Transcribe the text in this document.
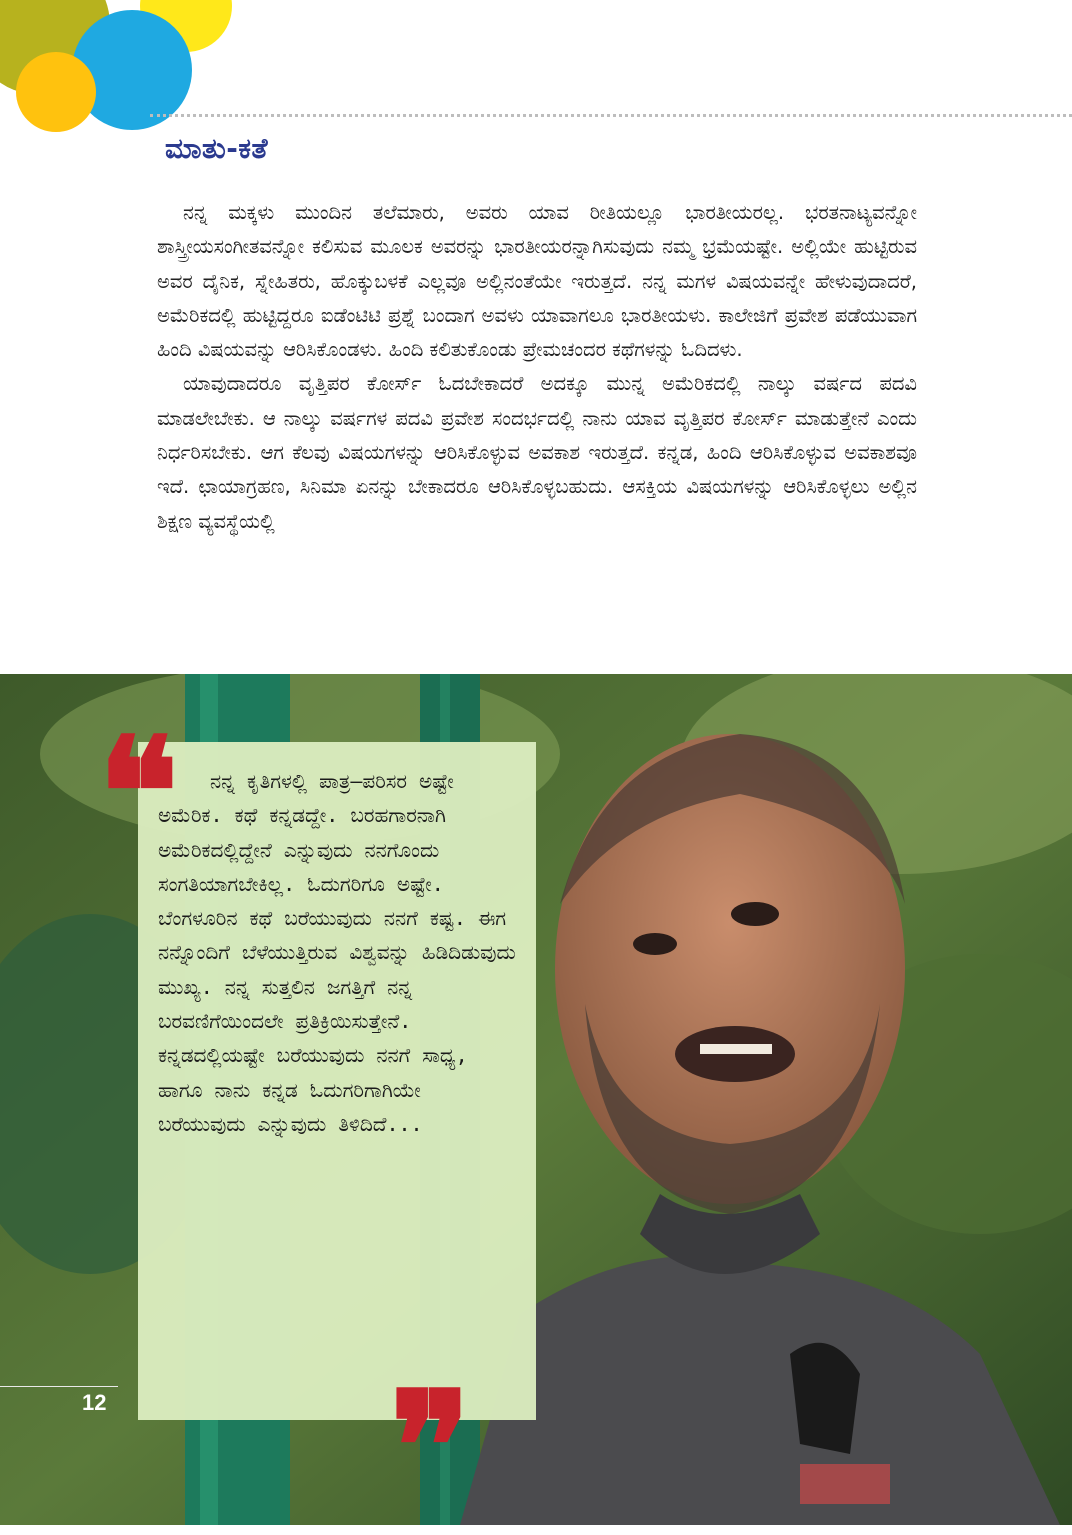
ಮಾತು-ಕತೆ

ನನ್ನ ಮಕ್ಕಳು ಮುಂದಿನ ತಲೆಮಾರು, ಅವರು ಯಾವ ರೀತಿಯಲ್ಲೂ ಭಾರತೀಯರಲ್ಲ. ಭರತನಾಟ್ಯವನ್ನೋ ಶಾಸ್ತ್ರೀಯಸಂಗೀತವನ್ನೋ ಕಲಿಸುವ ಮೂಲಕ ಅವರನ್ನು ಭಾರತೀಯರನ್ನಾಗಿಸುವುದು ನಮ್ಮ ಭ್ರಮೆಯಷ್ಟೇ. ಅಲ್ಲಿಯೇ ಹುಟ್ಟಿರುವ ಅವರ ದೈನಿಕ, ಸ್ನೇಹಿತರು, ಹೊಕ್ಕುಬಳಕೆ ಎಲ್ಲವೂ ಅಲ್ಲಿನಂತೆಯೇ ಇರುತ್ತದೆ. ನನ್ನ ಮಗಳ ವಿಷಯವನ್ನೇ ಹೇಳುವುದಾದರೆ, ಅಮೆರಿಕದಲ್ಲಿ ಹುಟ್ಟಿದ್ದರೂ ಐಡೆಂಟಿಟಿ ಪ್ರಶ್ನೆ ಬಂದಾಗ ಅವಳು ಯಾವಾಗಲೂ ಭಾರತೀಯಳು. ಕಾಲೇಜಿಗೆ ಪ್ರವೇಶ ಪಡೆಯುವಾಗ ಹಿಂದಿ ವಿಷಯವನ್ನು ಆರಿಸಿಕೊಂಡಳು. ಹಿಂದಿ ಕಲಿತುಕೊಂಡು ಪ್ರೇಮಚಂದರ ಕಥೆಗಳನ್ನು ಓದಿದಳು.

ಯಾವುದಾದರೂ ವೃತ್ತಿಪರ ಕೋರ್ಸ್ ಓದಬೇಕಾದರೆ ಅದಕ್ಕೂ ಮುನ್ನ ಅಮೆರಿಕದಲ್ಲಿ ನಾಲ್ಕು ವರ್ಷದ ಪದವಿ ಮಾಡಲೇಬೇಕು. ಆ ನಾಲ್ಕು ವರ್ಷಗಳ ಪದವಿ ಪ್ರವೇಶ ಸಂದರ್ಭದಲ್ಲಿ ನಾನು ಯಾವ ವೃತ್ತಿಪರ ಕೋರ್ಸ್ ಮಾಡುತ್ತೇನೆ ಎಂದು ನಿರ್ಧರಿಸಬೇಕು. ಆಗ ಕೆಲವು ವಿಷಯಗಳನ್ನು ಆರಿಸಿಕೊಳ್ಳುವ ಅವಕಾಶ ಇರುತ್ತದೆ. ಕನ್ನಡ, ಹಿಂದಿ ಆರಿಸಿಕೊಳ್ಳುವ ಅವಕಾಶವೂ ಇದೆ. ಛಾಯಾಗ್ರಹಣ, ಸಿನಿಮಾ ಏನನ್ನು ಬೇಕಾದರೂ ಆರಿಸಿಕೊಳ್ಳಬಹುದು. ಆಸಕ್ತಿಯ ವಿಷಯಗಳನ್ನು ಆರಿಸಿಕೊಳ್ಳಲು ಅಲ್ಲಿನ ಶಿಕ್ಷಣ ವ್ಯವಸ್ಥೆಯಲ್ಲಿ

ನನ್ನ ಕೃತಿಗಳಲ್ಲಿ ಪಾತ್ರ–ಪರಿಸರ ಅಷ್ಟೇ ಅಮೆರಿಕ. ಕಥೆ ಕನ್ನಡದ್ದೇ. ಬರಹಗಾರನಾಗಿ ಅಮೆರಿಕದಲ್ಲಿದ್ದೇನೆ ಎನ್ನುವುದು ನನಗೊಂದು ಸಂಗತಿಯಾಗಬೇಕಿಲ್ಲ. ಓದುಗರಿಗೂ ಅಷ್ಟೇ. ಬೆಂಗಳೂರಿನ ಕಥೆ ಬರೆಯುವುದು ನನಗೆ ಕಷ್ಟ. ಈಗ ನನ್ನೊಂದಿಗೆ ಬೆಳೆಯುತ್ತಿರುವ ವಿಶ್ವವನ್ನು ಹಿಡಿದಿಡುವುದು ಮುಖ್ಯ. ನನ್ನ ಸುತ್ತಲಿನ ಜಗತ್ತಿಗೆ ನನ್ನ ಬರವಣಿಗೆಯಿಂದಲೇ ಪ್ರತಿಕ್ರಿಯಿಸುತ್ತೇನೆ. ಕನ್ನಡದಲ್ಲಿಯಷ್ಟೇ ಬರೆಯುವುದು ನನಗೆ ಸಾಧ್ಯ, ಹಾಗೂ ನಾನು ಕನ್ನಡ ಓದುಗರಿಗಾಗಿಯೇ ಬರೆಯುವುದು ಎನ್ನುವುದು ತಿಳಿದಿದೆ...

❝
❞
12
